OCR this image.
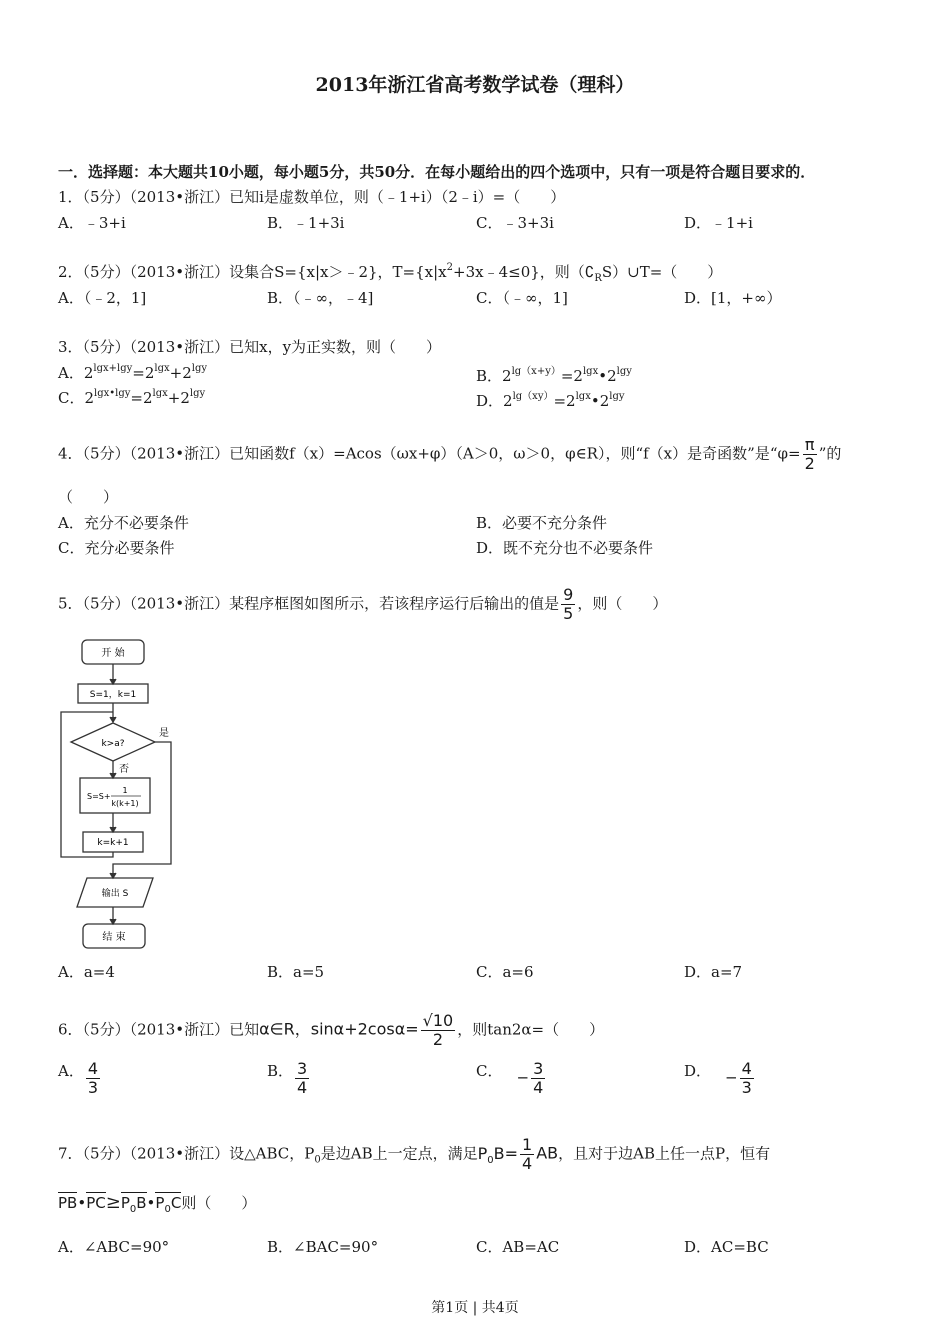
2013年浙江省高考数学试卷（理科）
一．选择题：本大题共10小题，每小题5分，共50分．在每小题给出的四个选项中，只有一项是符合题目要求的．
1．（5分）（2013•浙江）已知i是虚数单位，则（﹣1+i）（2﹣i）=（　　）
A．﹣3+i	B．﹣1+3i	C．﹣3+3i	D．﹣1+i
2．（5分）（2013•浙江）设集合S={x|x＞﹣2}，$T=\{x|x^2+3x﹣4\le 0\}$，则$(∁_RS)\cup T=$（　　）
A．（﹣2，1]	B．（﹣∞，﹣4]	C．（﹣∞，1]	D．[1，+∞）
3．（5分）（2013•浙江）已知x，y为正实数，则（　　）
A．$2^{lgx+lgy}=2^{lgx}+2^{lgy}$	B．$2^{lg(x+y)}=2^{lgx}•2^{lgy}$
C．$2^{lgx•lgy}=2^{lgx}+2^{lgy}$	D．$2^{lg(xy)}=2^{lgx}•2^{lgy}$
4．（5分）（2013•浙江）已知函数f（x）=Acos（ωx+φ）（A＞0，ω＞0，φ∈R），则“f（x）是奇函数”是“$\varphi= \frac{\pi}{2}$ ”的
（　　）
A．充分不必要条件	B．必要不充分条件
C．充分必要条件	D．既不充分也不必要条件
5．（5分）（2013•浙江）某程序框图如图所示，若该程序运行后输出的值是 $\frac{9}{5}$ ，则（　　）
开 始
S=1，k=1
k>a?
是
否
S=S+
1
k(k+1)
k=k+1
输出 S
结 束
A．a=4	B．a=5	C．a=6	D．a=7
6．（5分）（2013•浙江）已知α∈R，$\sin\alpha+2\cos\alpha= \frac{√10}{2}$ ，则tan2α=（　　）
A． $\frac{4}{3}$	B． $\frac{3}{4}$	C． − $\frac{3}{4}$	D． − $\frac{4}{3}$
7．（5分）（2013•浙江）设△ABC，$P_0$是边AB上一定点，满足$P_0B= \frac{1}{4}$ AB，且对于边AB上任一点P，恒有
$PB•PC\ge P_0B•P_0C$则（　　）
A．∠ABC=90°	B．∠BAC=90°	C．AB=AC	D．AC=BC
第1页 | 共4页
